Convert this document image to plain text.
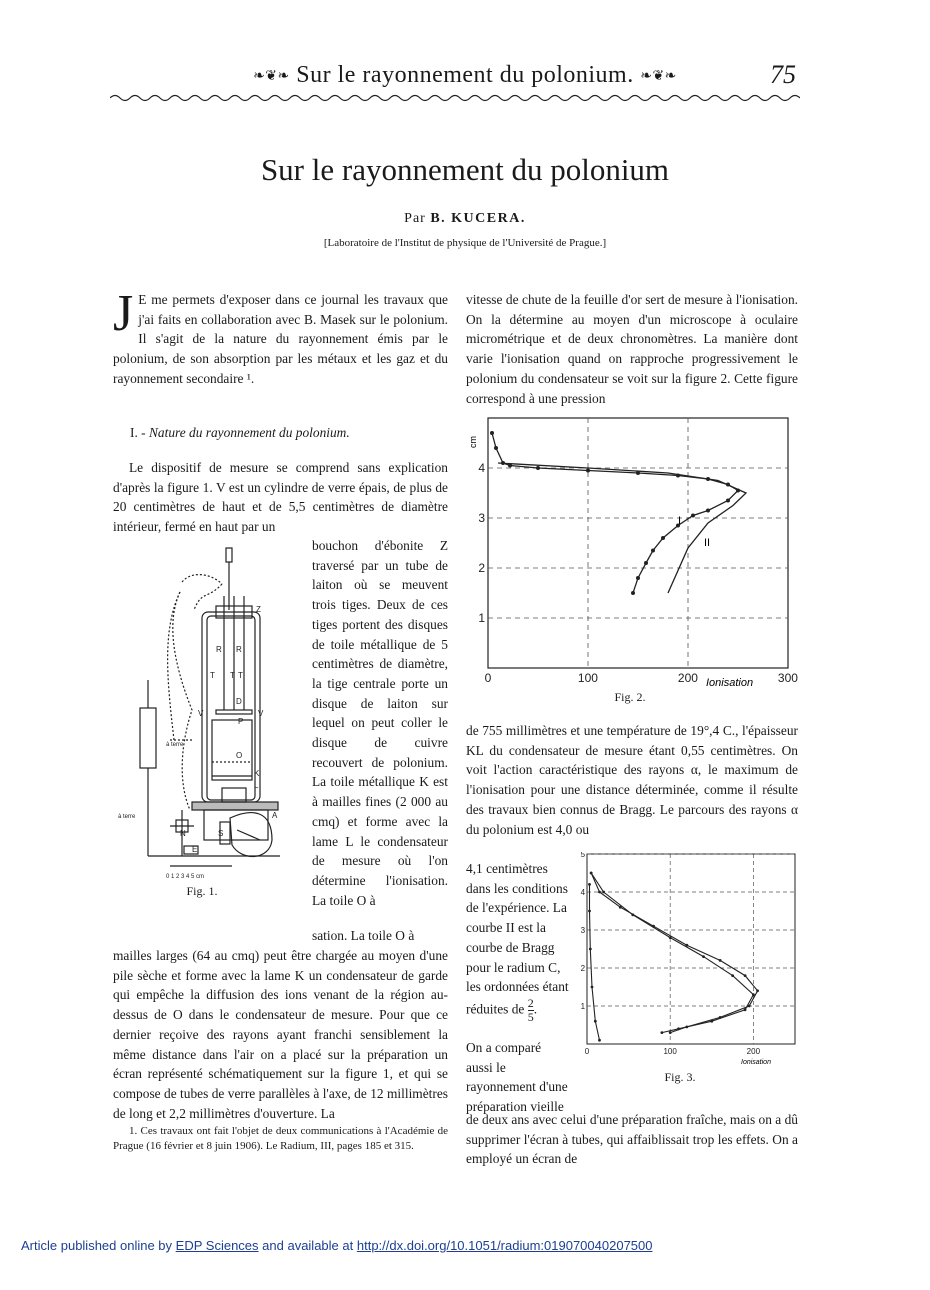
❧❦❧ Sur le rayonnement du polonium. ❧❦❧	75
Sur le rayonnement du polonium
Par B. KUCERA.
[Laboratoire de l'Institut de physique de l'Université de Prague.]
J E me permets d'exposer dans ce journal les travaux que j'ai faits en collaboration avec B. Masek sur le polonium. Il s'agit de la nature du rayonnement émis par le polonium, de son absorption par les métaux et les gaz et du rayonnement secondaire ¹.
I. - Nature du rayonnement du polonium.
Le dispositif de mesure se comprend sans explication d'après la figure 1. V est un cylindre de verre épais, de plus de 20 centimètres de haut et de 5,5 centimètres de diamètre intérieur, fermé en haut par un
bouchon d'ébonite Z traversé par un tube de laiton où se meuvent trois tiges. Deux de ces tiges portent des disques de toile métallique de 5 centimètres de diamètre, la tige centrale porte un disque de laiton sur lequel on peut coller le disque de cuivre recouvert de polonium. La toile métallique K est à mailles fines (2 000 au cmq) et forme avec la lame L le condensateur de mesure où l'on détermine l'ionisation. La toile O à
Z
R R
T T T
D
P
V	V
O
K
L
S
A
E
N
à terre
à terre
0 1 2 3 4 5 cm
Fig. 1.
sation. La toile O à
mailles larges (64 au cmq) peut être chargée au moyen d'une pile sèche et forme avec la lame K un condensateur de garde qui empêche la diffusion des ions venant de la région au-dessus de O dans le condensateur de mesure. Pour que ce dernier reçoive des rayons ayant franchi sensiblement la même distance dans l'air on a placé sur la préparation un écran représenté schématiquement sur la figure 1, et qui se compose de tubes de verre parallèles à l'axe, de 12 millimètres de long et 2,2 millimètres d'ouverture. La
1. Ces travaux ont fait l'objet de deux communications à l'Académie de Prague (16 février et 8 juin 1906). Le Radium, III, pages 185 et 315.
vitesse de chute de la feuille d'or sert de mesure à l'ionisation. On la détermine au moyen d'un microscope à oculaire micrométrique et de deux chronomètres. La manière dont varie l'ionisation quand on rapproche progressivement le polonium du condensateur se voit sur la figure 2. Cette figure correspond à une pression
0	100	200	300
1
2
3
4
cm
Ionisation
I
II
Fig. 2.
de 755 millimètres et une température de 19°,4 C., l'épaisseur KL du condensateur de mesure étant 0,55 centimètres. On voit l'action caractéristique des rayons α, le maximum de l'ionisation pour une distance déterminée, comme il résulte des travaux bien connus de Bragg. Le parcours des rayons α du polonium est 4,0 ou
4,1 centimètres dans les conditions de l'expérience. La courbe II est la courbe de Bragg pour le radium C, les ordonnées étant réduites de $\frac{2}{5}$ .
On a comparé aussi le rayonnement d'une préparation vieille
0	100	200
1
2
3
4
5
Ionisation
Fig. 3.
de deux ans avec celui d'une préparation fraîche, mais on a dû supprimer l'écran à tubes, qui affaiblissait trop les effets. On a employé un écran de
Article published online by EDP Sciences and available at http://dx.doi.org/10.1051/radium:019070040207500
